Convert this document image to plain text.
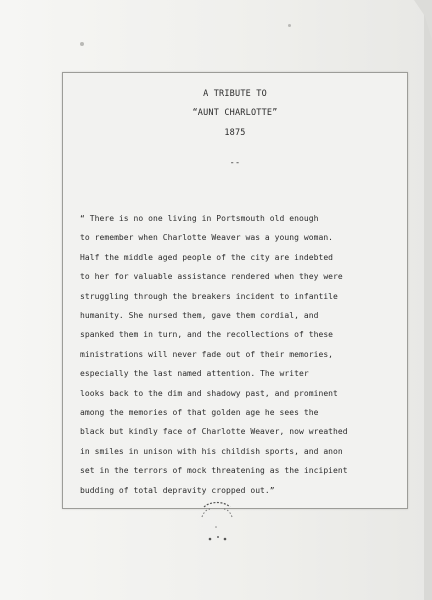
A TRIBUTE TO
“AUNT CHARLOTTE”
1875
--
“ There is no one living in Portsmouth old enough
to remember when Charlotte Weaver was a young woman.
Half the middle aged people of the city are indebted
to her for valuable assistance rendered when they were
struggling through the breakers incident to infantile
humanity. She nursed them, gave them cordial, and
spanked them in turn, and the recollections of these
ministrations will never fade out of their memories,
especially the last named attention. The writer
looks back to the dim and shadowy past, and prominent
among the memories of that golden age he sees the
black but kindly face of Charlotte Weaver, now wreathed
in smiles in unison with his childish sports, and anon
set in the terrors of mock threatening as the incipient
budding of total depravity cropped out.”
